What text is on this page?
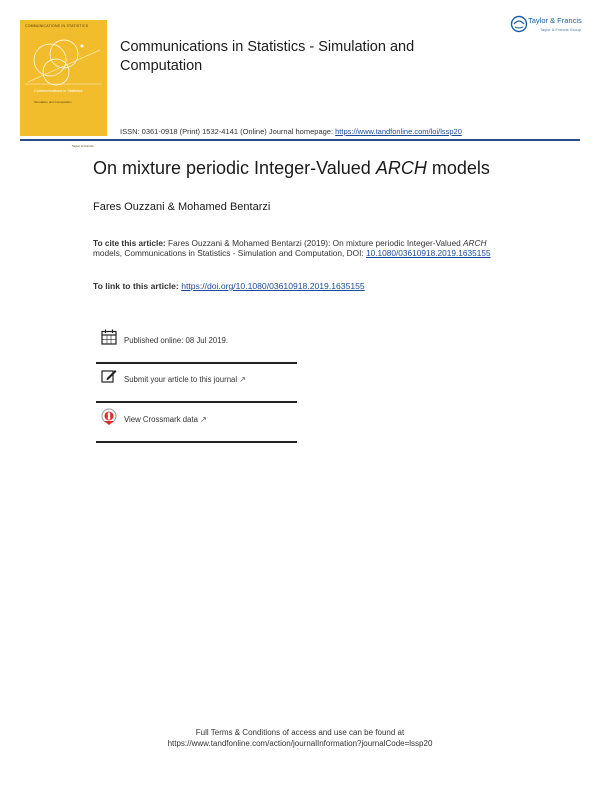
COMMUNICATIONS IN STATISTICS
Communications in Statistics
Simulation and Computation
Taylor & Francis
Communications in Statistics - Simulation and Computation
Taylor & Francis
Taylor & Francis Group
ISSN: 0361-0918 (Print) 1532-4141 (Online) Journal homepage: https://www.tandfonline.com/loi/lssp20
On mixture periodic Integer-Valued ARCH models
Fares Ouzzani & Mohamed Bentarzi
To cite this article: Fares Ouzzani & Mohamed Bentarzi (2019): On mixture periodic Integer-Valued ARCH models, Communications in Statistics - Simulation and Computation, DOI: 10.1080/03610918.2019.1635155
To link to this article: https://doi.org/10.1080/03610918.2019.1635155
Published online: 08 Jul 2019.
Submit your article to this journal ↗
View Crossmark data ↗
Full Terms & Conditions of access and use can be found at
https://www.tandfonline.com/action/journalInformation?journalCode=lssp20
